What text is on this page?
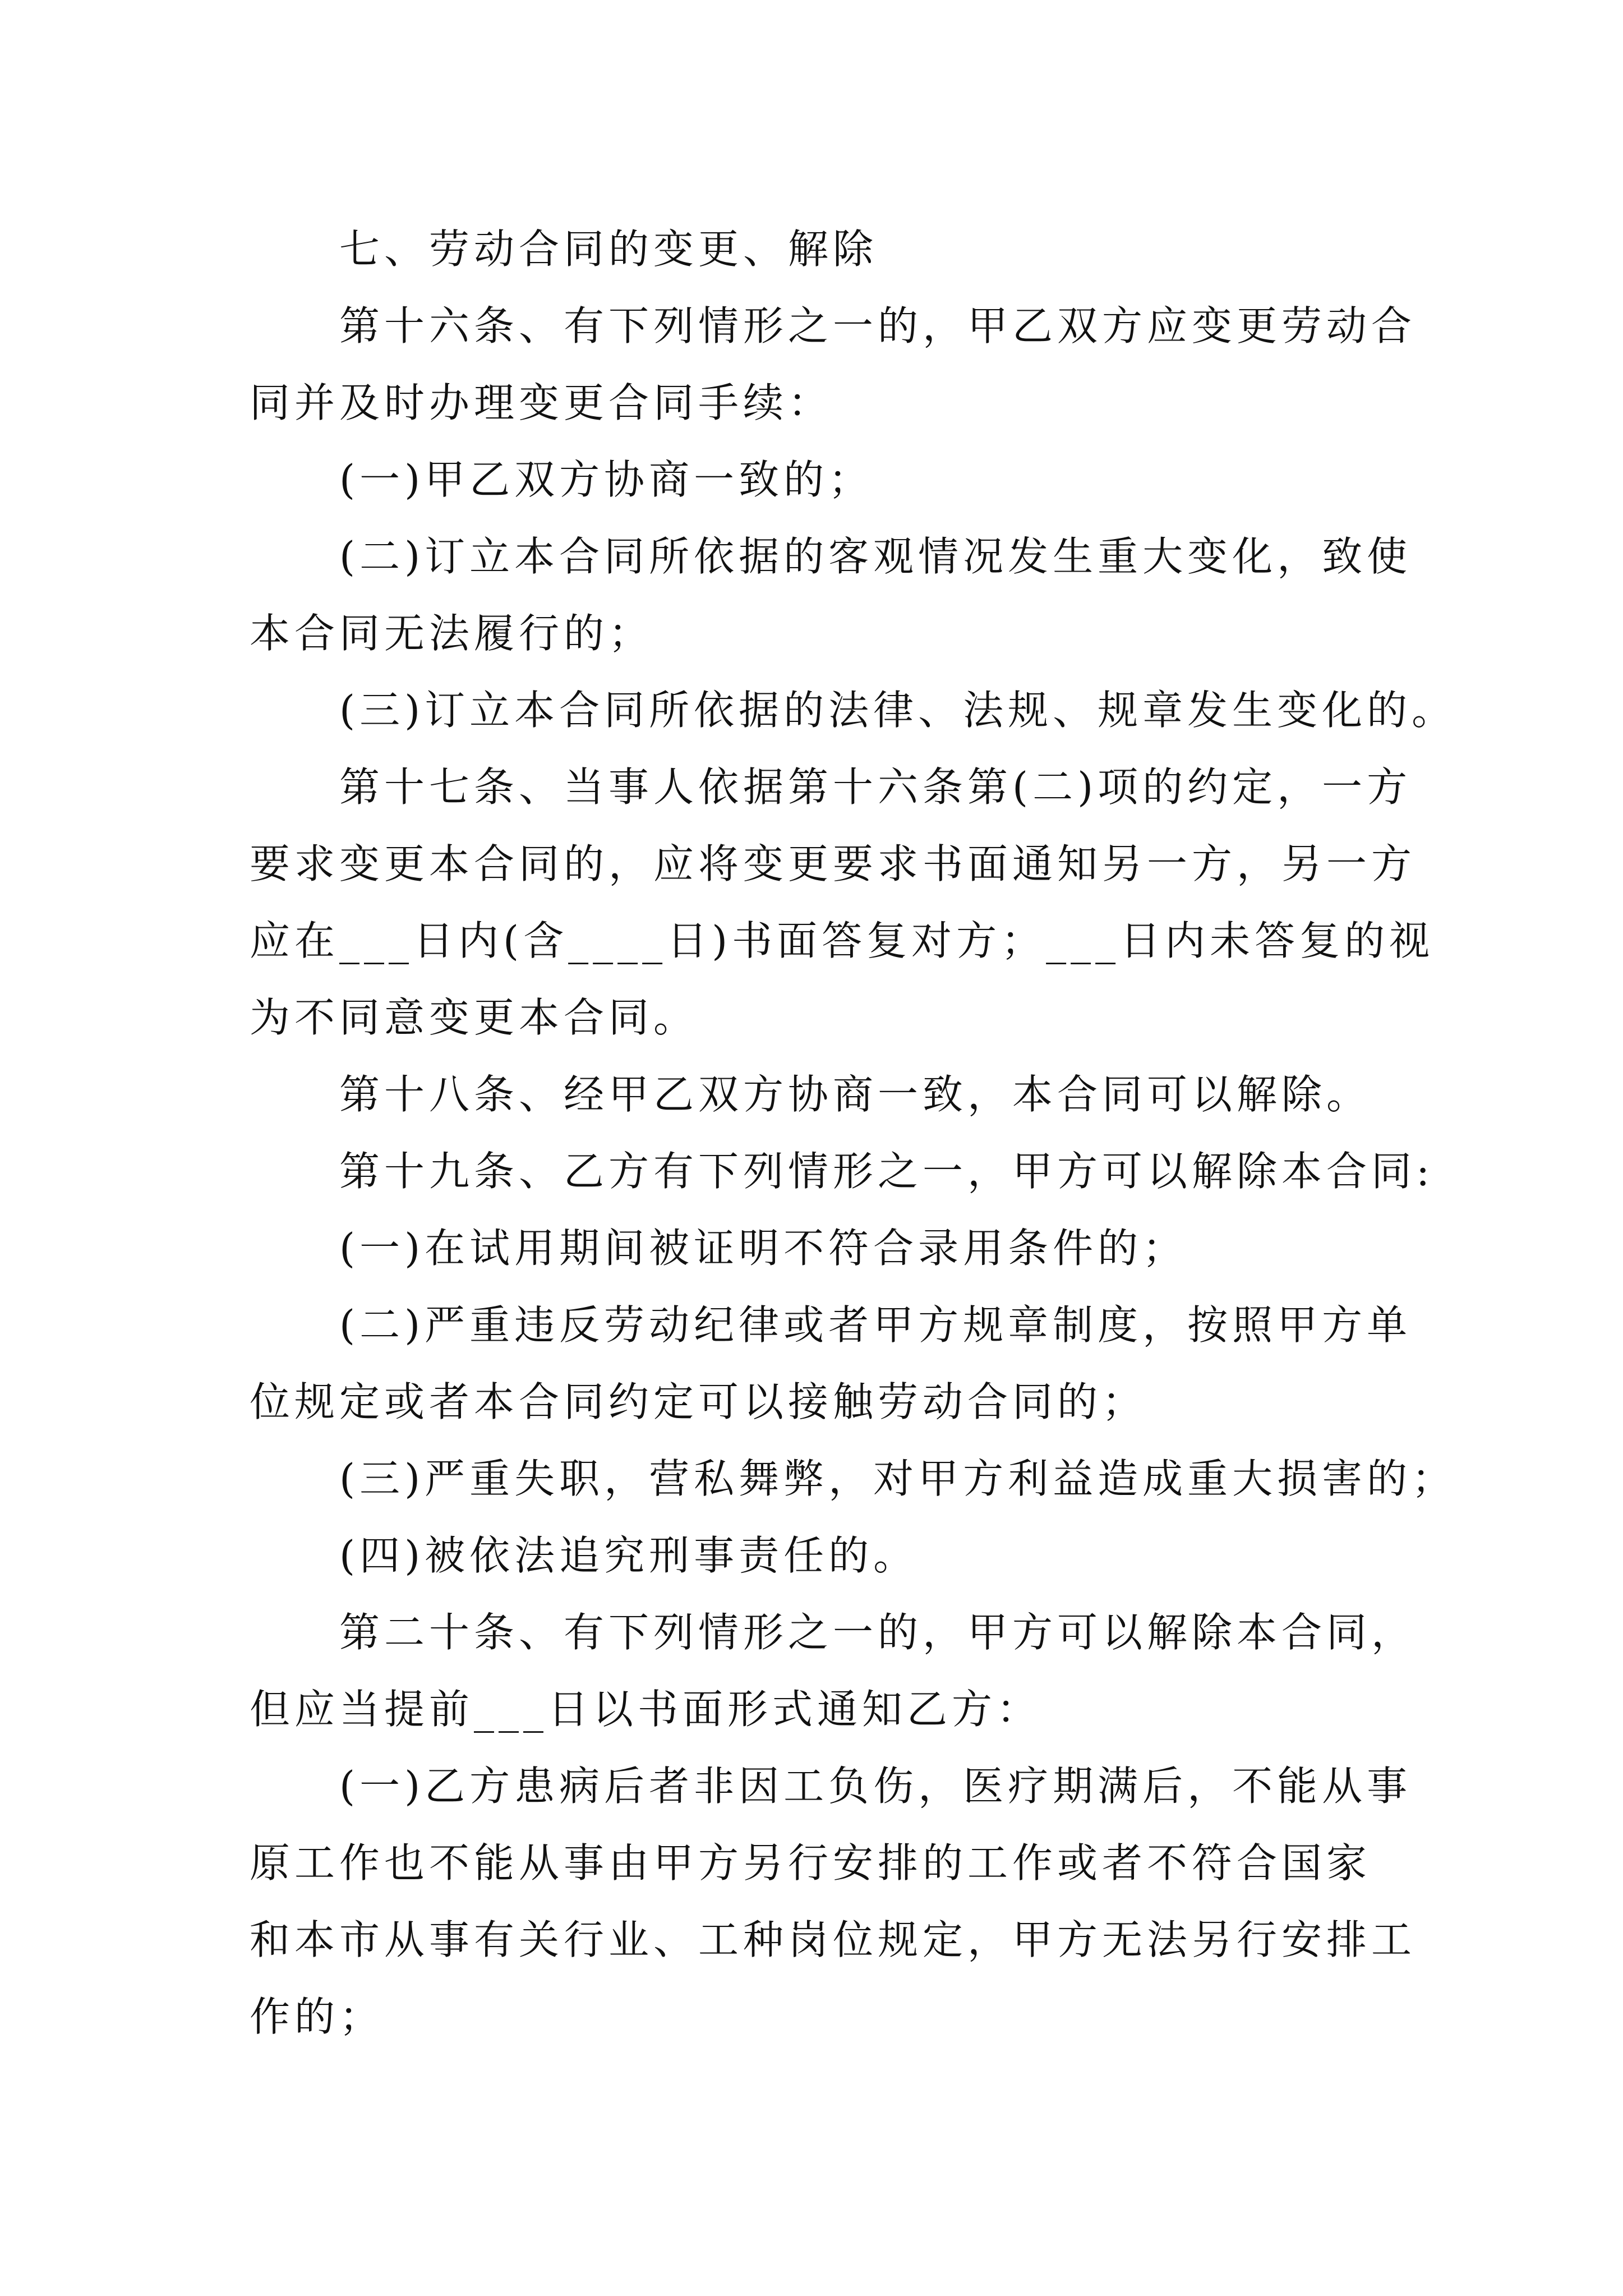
七、劳动合同的变更、解除
第十六条、有下列情形之一的，甲乙双方应变更劳动合
同并及时办理变更合同手续：
(一)甲乙双方协商一致的；
(二)订立本合同所依据的客观情况发生重大变化，致使
本合同无法履行的；
(三)订立本合同所依据的法律、法规、规章发生变化的。
第十七条、当事人依据第十六条第(二)项的约定，一方
要求变更本合同的，应将变更要求书面通知另一方，另一方
应在___日内(含____日)书面答复对方；___日内未答复的视
为不同意变更本合同。
第十八条、经甲乙双方协商一致，本合同可以解除。
第十九条、乙方有下列情形之一，甲方可以解除本合同:
(一)在试用期间被证明不符合录用条件的；
(二)严重违反劳动纪律或者甲方规章制度，按照甲方单
位规定或者本合同约定可以接触劳动合同的；
(三)严重失职，营私舞弊，对甲方利益造成重大损害的；
(四)被依法追究刑事责任的。
第二十条、有下列情形之一的，甲方可以解除本合同，
但应当提前___日以书面形式通知乙方：
(一)乙方患病后者非因工负伤，医疗期满后，不能从事
原工作也不能从事由甲方另行安排的工作或者不符合国家
和本市从事有关行业、工种岗位规定，甲方无法另行安排工
作的；
